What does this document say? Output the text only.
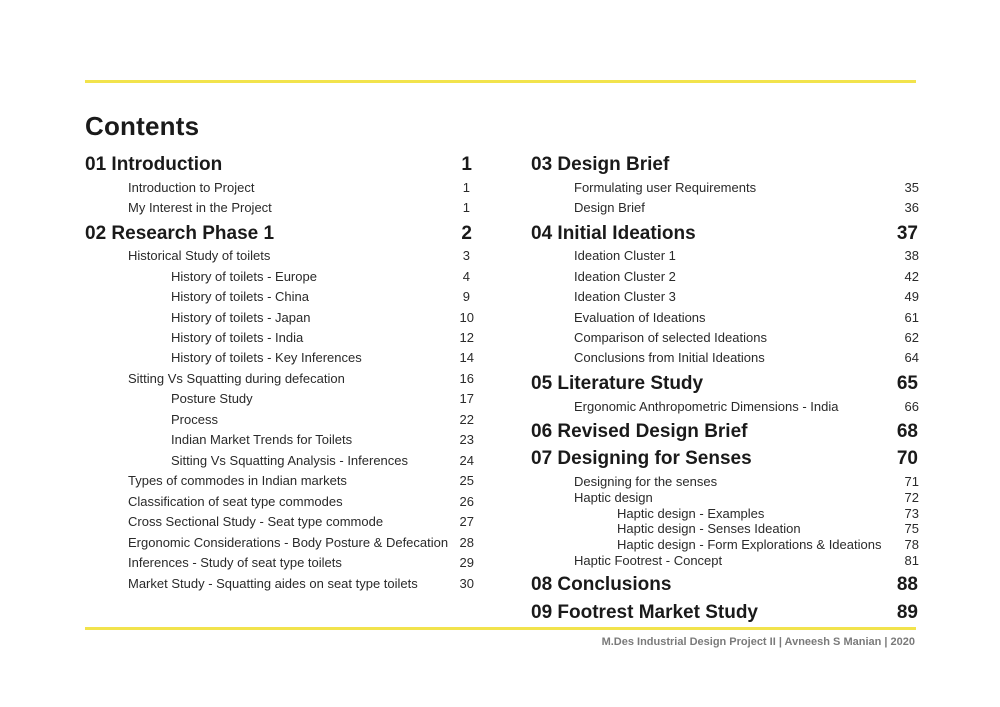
Contents
01 Introduction	1
Introduction to Project	1
My Interest in the Project	1
02 Research Phase 1	2
Historical Study of toilets	3
History of toilets - Europe	4
History of toilets - China	9
History of toilets - Japan	10
History of toilets - India	12
History of toilets - Key Inferences	14
Sitting Vs Squatting during defecation	16
Posture Study	17
Process	22
Indian Market Trends for Toilets	23
Sitting Vs Squatting Analysis - Inferences	24
Types of commodes in Indian markets	25
Classification of seat type commodes	26
Cross Sectional Study - Seat type commode	27
Ergonomic Considerations - Body Posture & Defecation 28
Inferences - Study of seat type toilets	29
Market Study - Squatting aides on seat type toilets	30
03 Design Brief
Formulating user Requirements	35
Design Brief	36
04 Initial Ideations	37
Ideation Cluster 1	38
Ideation Cluster 2	42
Ideation Cluster 3	49
Evaluation of Ideations	61
Comparison of selected Ideations	62
Conclusions from Initial Ideations	64
05 Literature Study	65
Ergonomic Anthropometric Dimensions - India	66
06 Revised Design Brief	68
07 Designing for Senses	70
Designing for the senses	71
Haptic design	72
Haptic design - Examples	73
Haptic design - Senses Ideation	75
Haptic design - Form Explorations & Ideations 78
Haptic Footrest - Concept	81
08 Conclusions	88
09 Footrest Market Study	89
M.Des Industrial Design Project II | Avneesh S Manian | 2020
